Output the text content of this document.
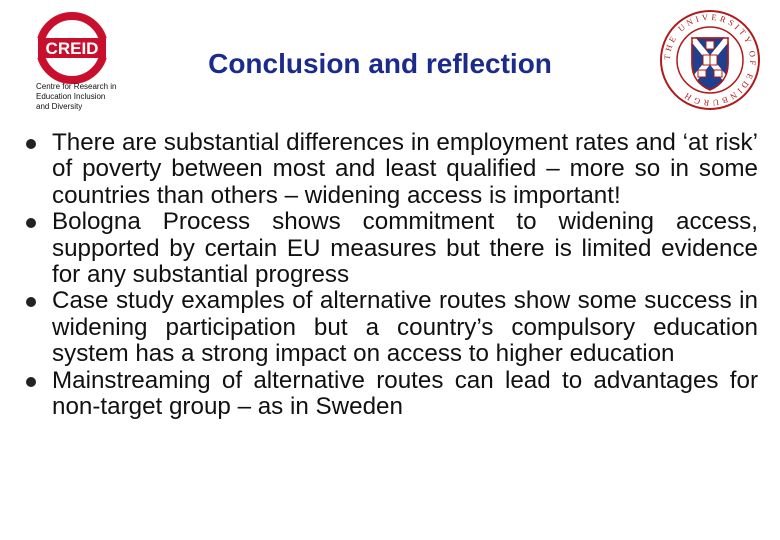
CREID
Centre for Research in
Education Inclusion
and Diversity
Conclusion and reflection	THE UNIVERSITY OF EDINBURGH
There are substantial differences in employment rates and ‘at risk’ of poverty between most and least qualified – more so in some countries than others – widening access is important!
Bologna Process shows commitment to widening access, supported by certain EU measures but there is limited evidence for any substantial progress
Case study examples of alternative routes show some success in widening participation but a country’s compulsory education system has a strong impact on access to higher education
Mainstreaming of alternative routes can lead to advantages for non-target group – as in Sweden
